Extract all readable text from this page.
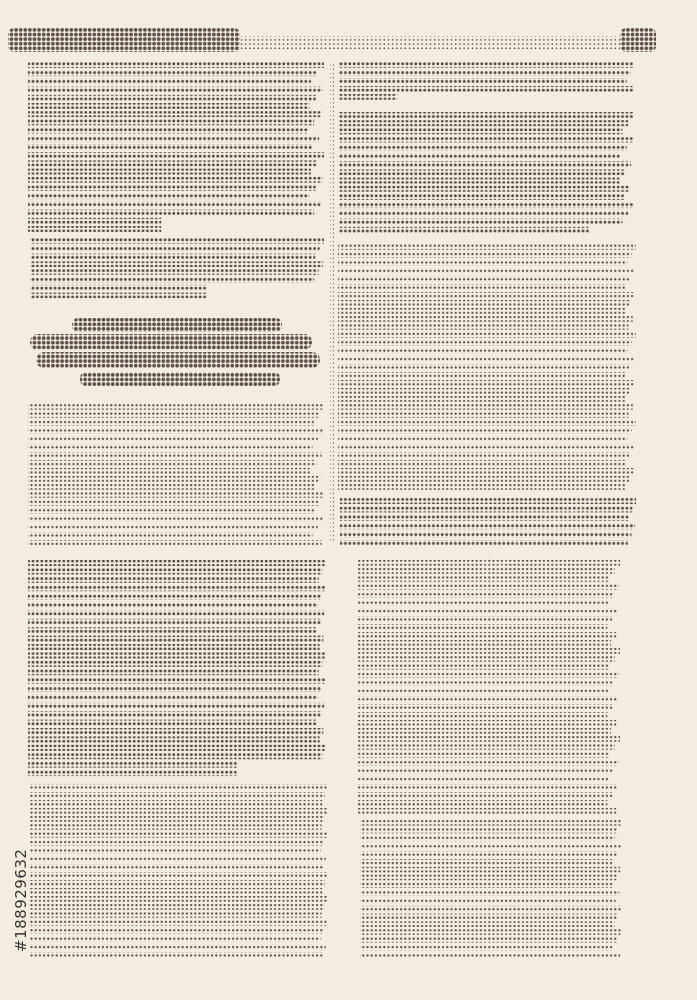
#188929632
